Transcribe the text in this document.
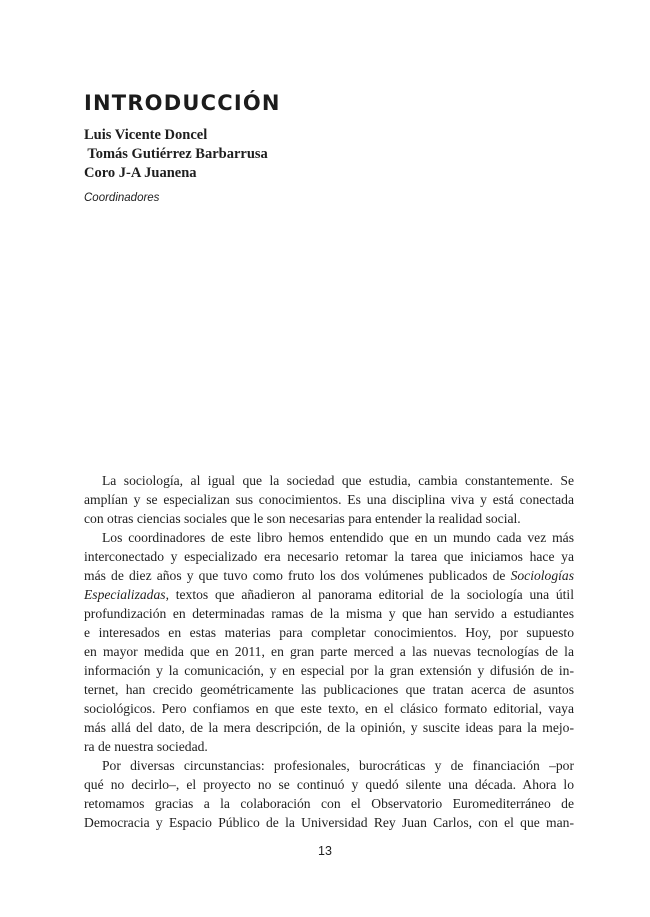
INTRODUCCIÓN
Luis Vicente Doncel
Tomás Gutiérrez Barbarrusa
Coro J-A Juanena
Coordinadores
La sociología, al igual que la sociedad que estudia, cambia constantemente. Se
amplían y se especializan sus conocimientos. Es una disciplina viva y está conectada
con otras ciencias sociales que le son necesarias para entender la realidad social.
Los coordinadores de este libro hemos entendido que en un mundo cada vez más
interconectado y especializado era necesario retomar la tarea que iniciamos hace ya
más de diez años y que tuvo como fruto los dos volúmenes publicados de Sociologías
Especializadas, textos que añadieron al panorama editorial de la sociología una útil
profundización en determinadas ramas de la misma y que han servido a estudiantes
e interesados en estas materias para completar conocimientos. Hoy, por supuesto
en mayor medida que en 2011, en gran parte merced a las nuevas tecnologías de la
información y la comunicación, y en especial por la gran extensión y difusión de in-
ternet, han crecido geométricamente las publicaciones que tratan acerca de asuntos
sociológicos. Pero confiamos en que este texto, en el clásico formato editorial, vaya
más allá del dato, de la mera descripción, de la opinión, y suscite ideas para la mejo-
ra de nuestra sociedad.
Por diversas circunstancias: profesionales, burocráticas y de financiación –por
qué no decirlo–, el proyecto no se continuó y quedó silente una década. Ahora lo
retomamos gracias a la colaboración con el Observatorio Euromediterráneo de
Democracia y Espacio Público de la Universidad Rey Juan Carlos, con el que man-
13
